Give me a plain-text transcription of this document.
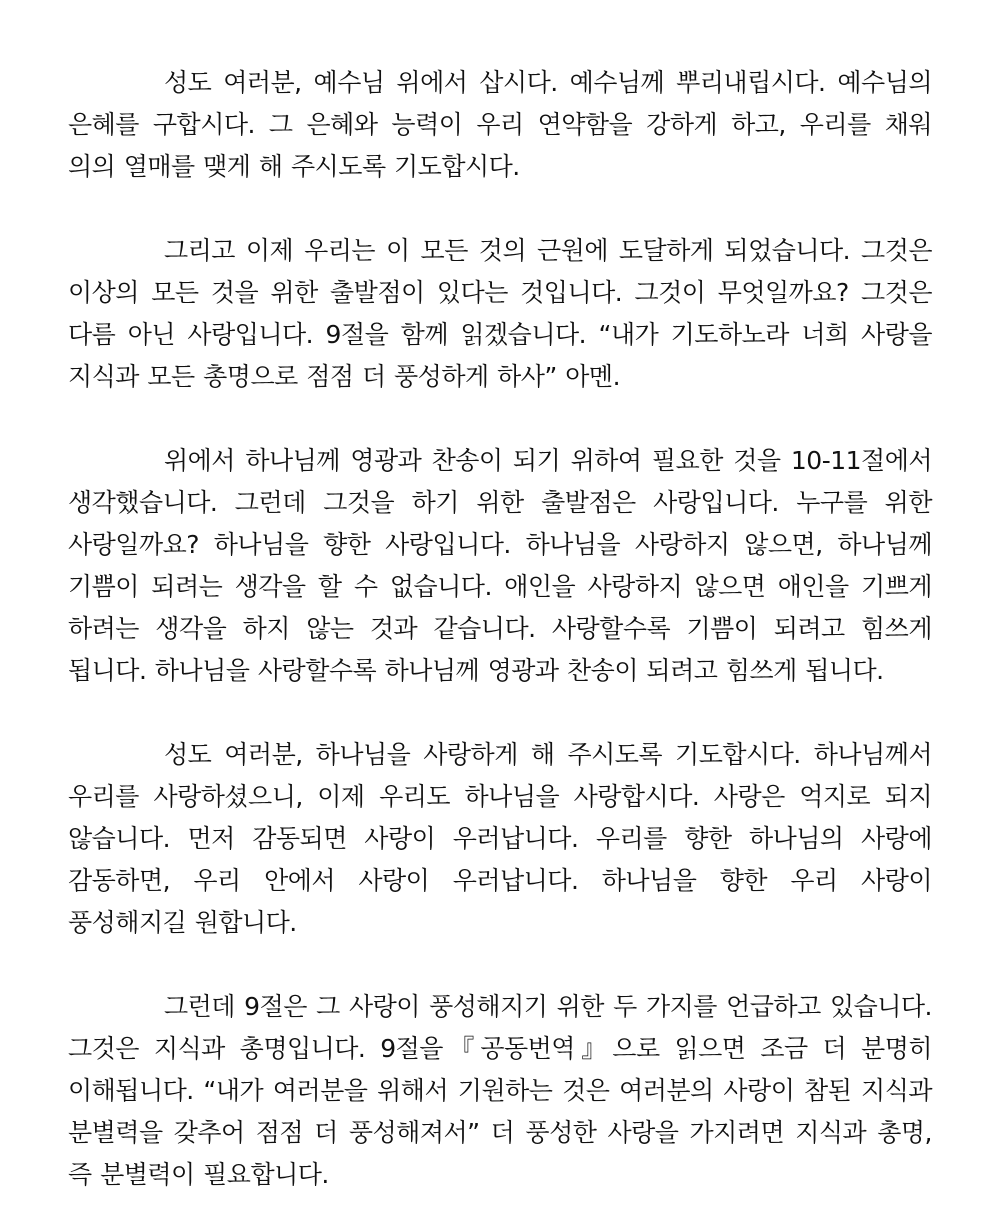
성도 여러분, 예수님 위에서 삽시다. 예수님께 뿌리내립시다. 예수님의 은혜를 구합시다. 그 은혜와 능력이 우리 연약함을 강하게 하고, 우리를 채워 의의 열매를 맺게 해 주시도록 기도합시다.

그리고 이제 우리는 이 모든 것의 근원에 도달하게 되었습니다. 그것은 이상의 모든 것을 위한 출발점이 있다는 것입니다. 그것이 무엇일까요? 그것은 다름 아닌 사랑입니다. 9절을 함께 읽겠습니다. “내가 기도하노라 너희 사랑을 지식과 모든 총명으로 점점 더 풍성하게 하사” 아멘.

위에서 하나님께 영광과 찬송이 되기 위하여 필요한 것을 10-11절에서 생각했습니다. 그런데 그것을 하기 위한 출발점은 사랑입니다. 누구를 위한 사랑일까요? 하나님을 향한 사랑입니다. 하나님을 사랑하지 않으면, 하나님께 기쁨이 되려는 생각을 할 수 없습니다. 애인을 사랑하지 않으면 애인을 기쁘게 하려는 생각을 하지 않는 것과 같습니다. 사랑할수록 기쁨이 되려고 힘쓰게 됩니다. 하나님을 사랑할수록 하나님께 영광과 찬송이 되려고 힘쓰게 됩니다.

성도 여러분, 하나님을 사랑하게 해 주시도록 기도합시다. 하나님께서 우리를 사랑하셨으니, 이제 우리도 하나님을 사랑합시다. 사랑은 억지로 되지 않습니다. 먼저 감동되면 사랑이 우러납니다. 우리를 향한 하나님의 사랑에 감동하면, 우리 안에서 사랑이 우러납니다. 하나님을 향한 우리 사랑이 풍성해지길 원합니다.

그런데 9절은 그 사랑이 풍성해지기 위한 두 가지를 언급하고 있습니다. 그것은 지식과 총명입니다. 9절을『공동번역』으로 읽으면 조금 더 분명히 이해됩니다. “내가 여러분을 위해서 기원하는 것은 여러분의 사랑이 참된 지식과 분별력을 갖추어 점점 더 풍성해져서” 더 풍성한 사랑을 가지려면 지식과 총명, 즉 분별력이 필요합니다.
